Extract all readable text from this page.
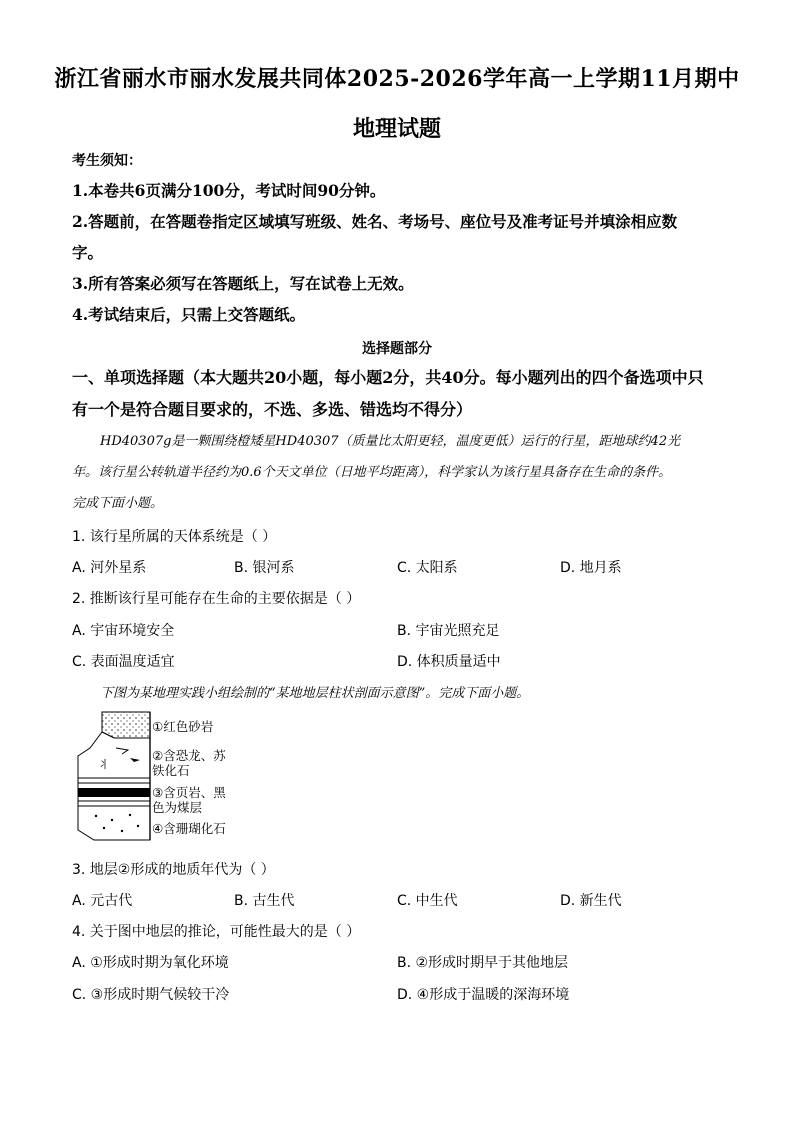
浙江省丽水市丽水发展共同体2025-2026学年高一上学期11月期中
地理试题
考生须知：
1.本卷共6页满分100分，考试时间90分钟。
2.答题前，在答题卷指定区域填写班级、姓名、考场号、座位号及准考证号并填涂相应数
字。
3.所有答案必须写在答题纸上，写在试卷上无效。
4.考试结束后，只需上交答题纸。
选择题部分
一、单项选择题（本大题共20小题，每小题2分，共40分。每小题列出的四个备选项中只
有一个是符合题目要求的，不选、多选、错选均不得分）
HD40307g是一颗围绕橙矮星HD40307（质量比太阳更轻，温度更低）运行的行星，距地球约42光
年。该行星公转轨道半径约为0.6个天文单位（日地平均距离），科学家认为该行星具备存在生命的条件。
完成下面小题。
1. 该行星所属的天体系统是（ ）
A. 河外星系	B. 银河系	C. 太阳系	D. 地月系
2. 推断该行星可能存在生命的主要依据是（ ）
A. 宇宙环境安全	B. 宇宙光照充足
C. 表面温度适宜	D. 体积质量适中
下图为某地理实践小组绘制的“某地地层柱状剖面示意图”。完成下面小题。
⺦
①红色砂岩
②含恐龙、苏
铁化石
③含页岩、黑
色为煤层
④含珊瑚化石
3. 地层②形成的地质年代为（ ）
A. 元古代	B. 古生代	C. 中生代	D. 新生代
4. 关于图中地层的推论，可能性最大的是（ ）
A. ①形成时期为氧化环境	B. ②形成时期早于其他地层
C. ③形成时期气候较干冷	D. ④形成于温暖的深海环境
